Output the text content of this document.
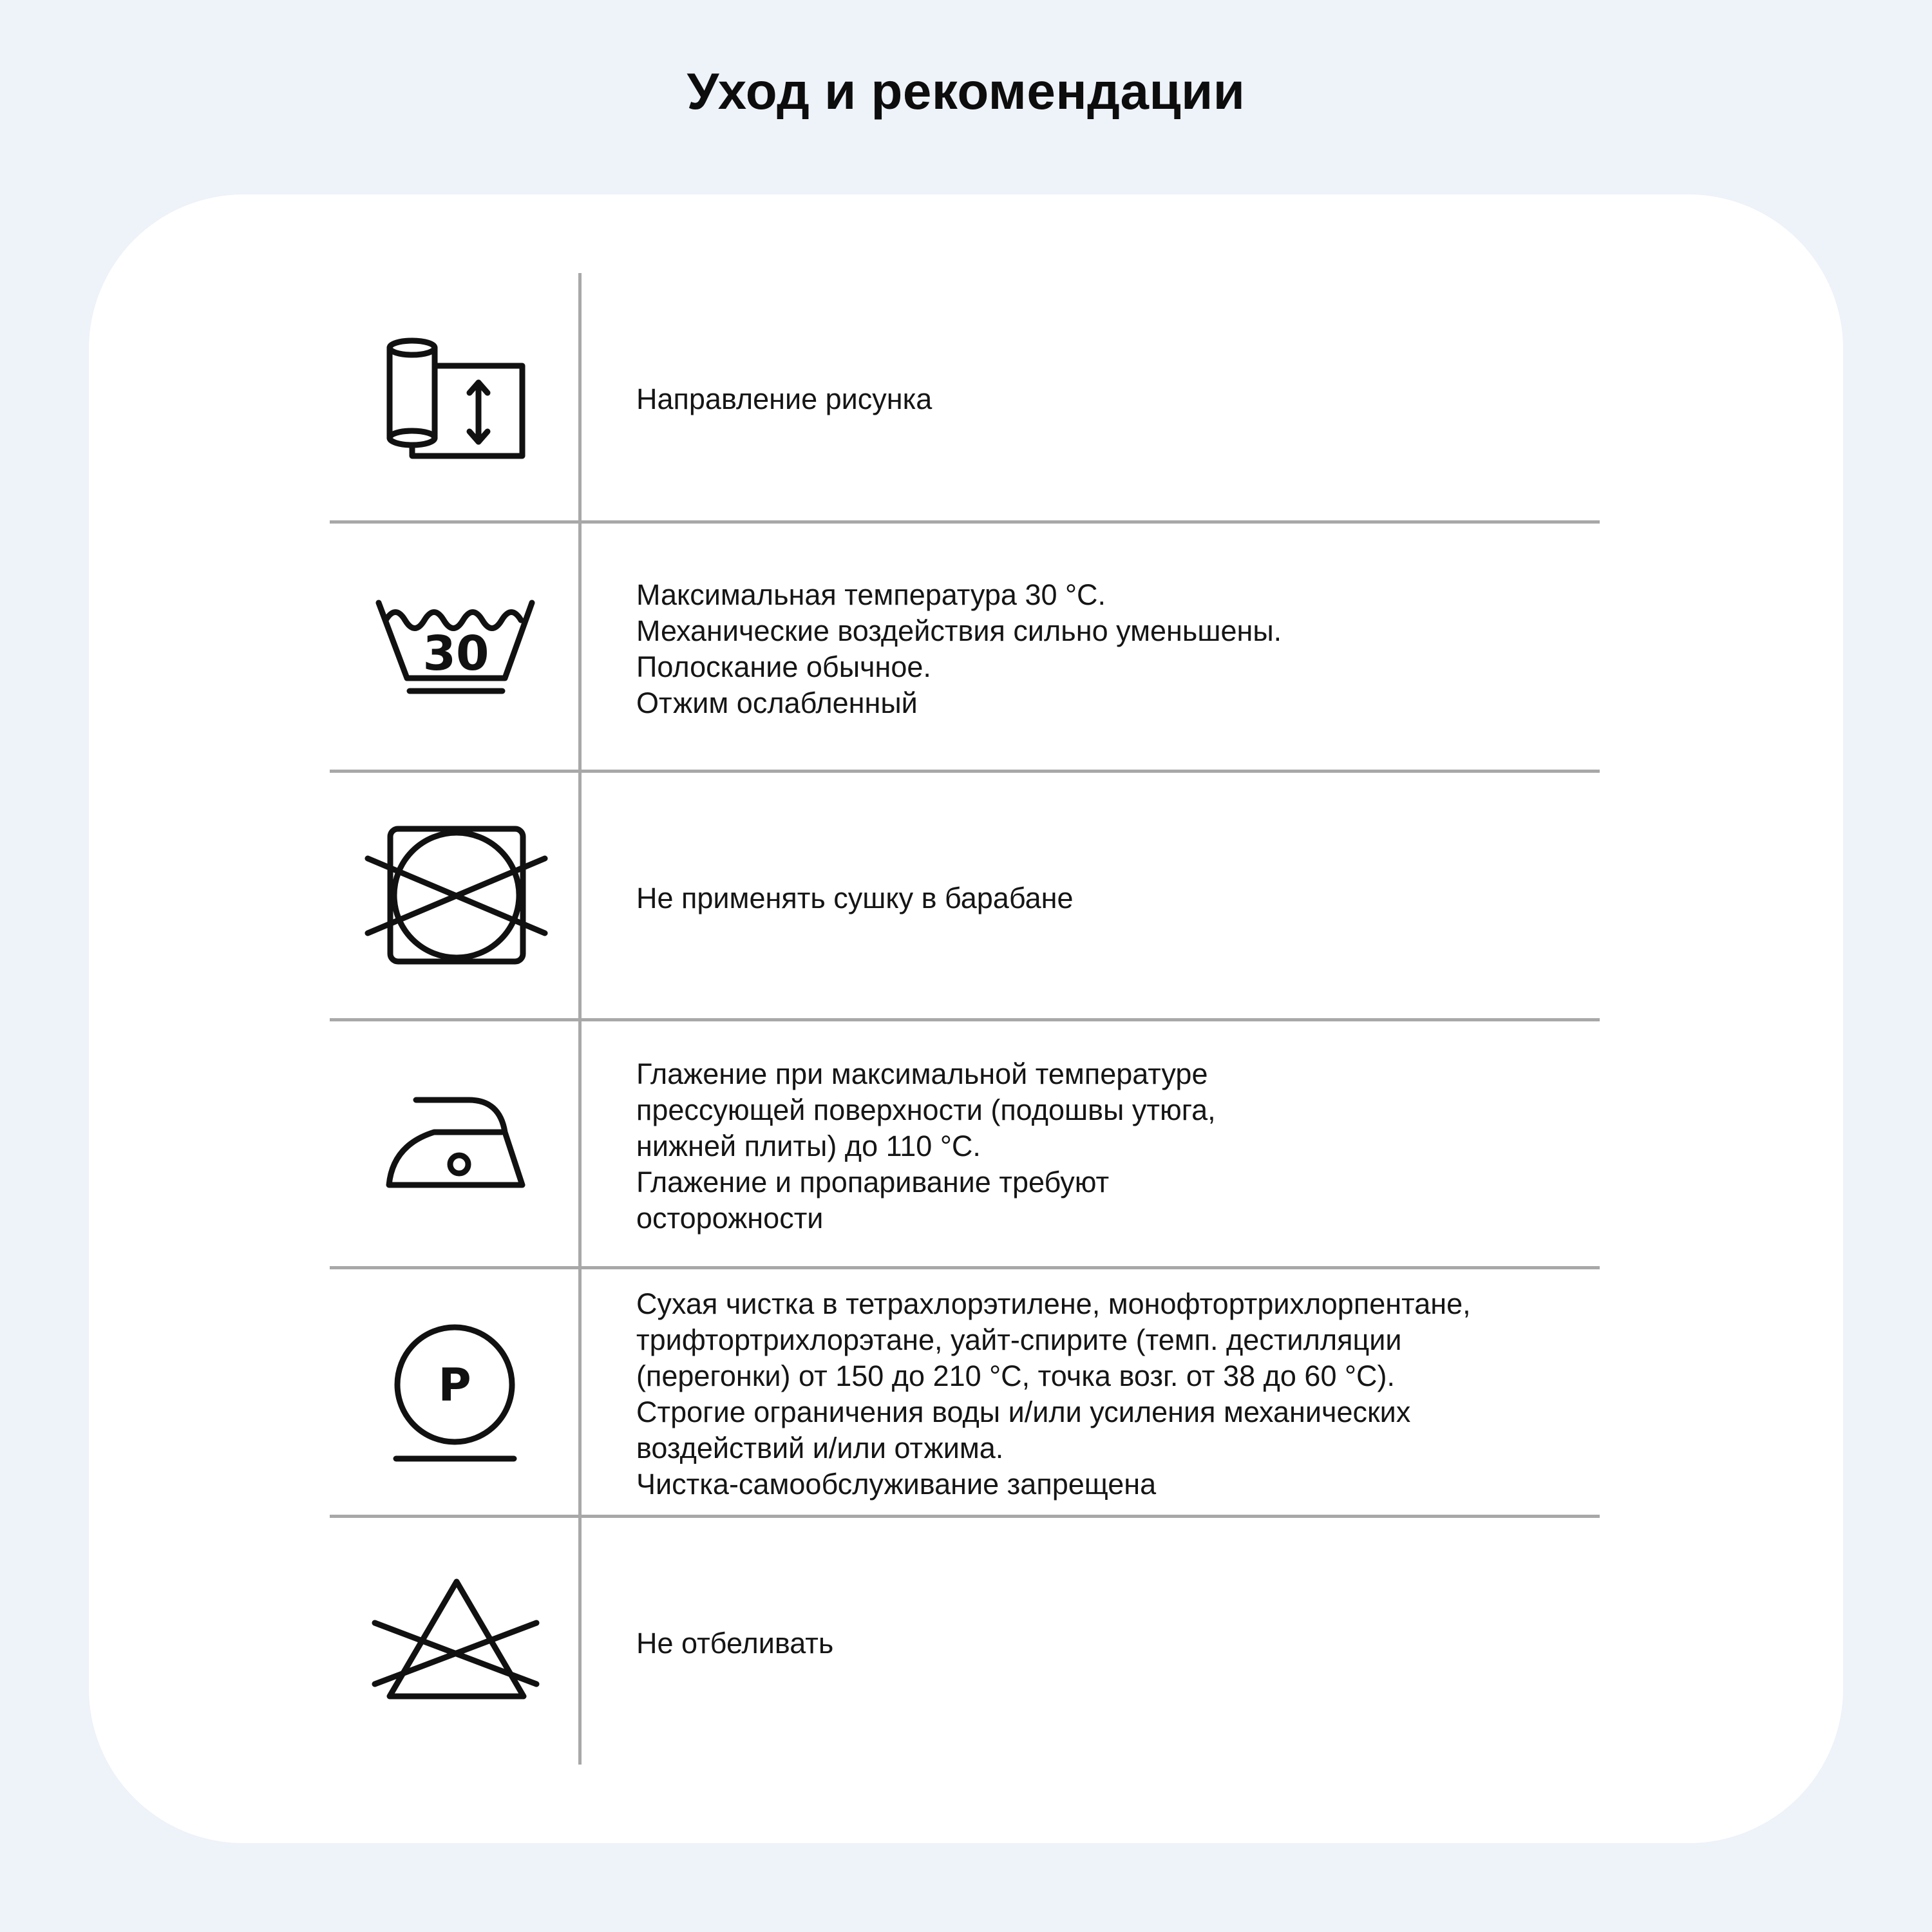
Уход и рекомендации
Направление рисунка
30
Максимальная температура 30 °С.
Механические воздействия сильно уменьшены.
Полоскание обычное.
Отжим ослабленный
Не применять сушку в барабане
Глажение при максимальной температуре
прессующей поверхности (подошвы утюга,
нижней плиты) до 110 °С.
Глажение и пропаривание требуют
осторожности
P
Сухая чистка в тетрахлорэтилене, монофтортрихлорпентане,
трифтортрихлорэтане, уайт-спирите (темп. дестилляции
(перегонки) от 150 до 210 °С, точка возг. от 38 до 60 °С).
Строгие ограничения воды и/или усиления механических
воздействий и/или отжима.
Чистка-самообслуживание запрещена
Не отбеливать
